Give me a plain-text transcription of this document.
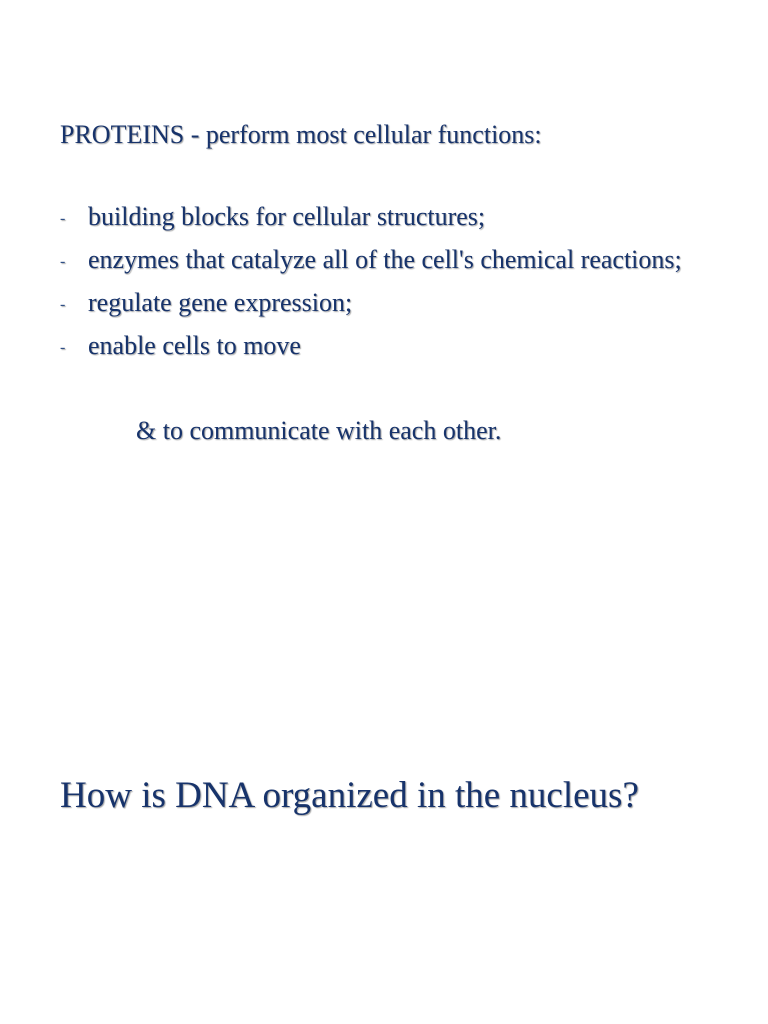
PROTEINS - perform most cellular functions:
- building blocks for cellular structures;
- enzymes that catalyze all of the cell's chemical reactions;
- regulate gene expression;
- enable cells to move
& to communicate with each other.
How is DNA organized in the nucleus?
